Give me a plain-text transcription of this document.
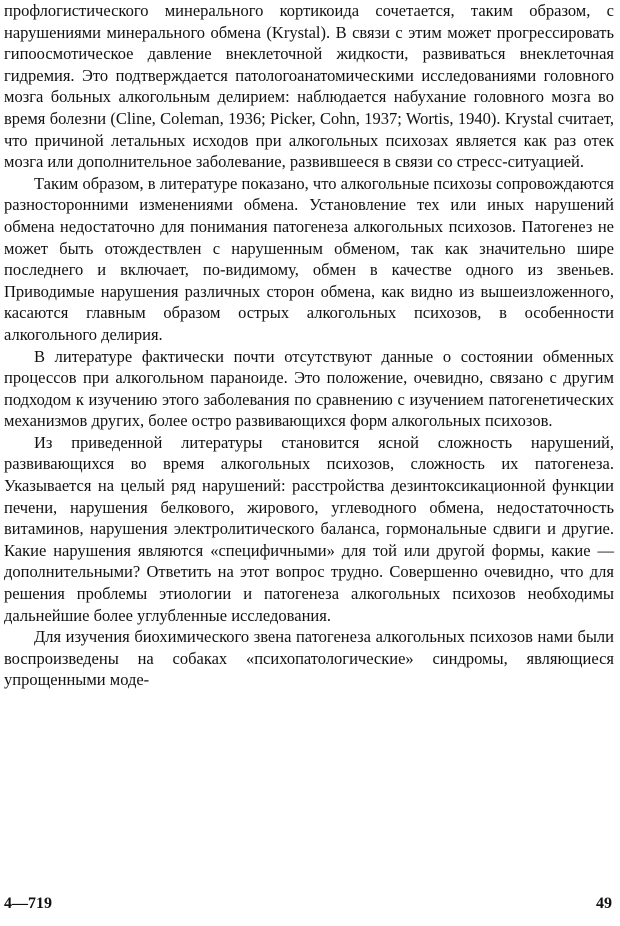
профлогистического минерального кортикоида сочетается, таким образом, с нарушениями минерального обмена (Krystal). В связи с этим может прогрессировать гипоосмотическое давление внеклеточной жидкости, развиваться внеклеточная гидремия. Это подтверждается патологоанатомическими исследованиями головного мозга больных алкогольным делирием: наблюдается набухание головного мозга во время болезни (Cline, Coleman, 1936; Picker, Cohn, 1937; Wortis, 1940). Krystal считает, что причиной летальных исходов при алкогольных психозах является как раз отек мозга или дополнительное заболевание, развившееся в связи со стресс-ситуацией.

Таким образом, в литературе показано, что алкогольные психозы сопровождаются разносторонними изменениями обмена. Установление тех или иных нарушений обмена недостаточно для понимания патогенеза алкогольных психозов. Патогенез не может быть отождествлен с нарушенным обменом, так как значительно шире последнего и включает, по-видимому, обмен в качестве одного из звеньев. Приводимые нарушения различных сторон обмена, как видно из вышеизложенного, касаются главным образом острых алкогольных психозов, в особенности алкогольного делирия.

В литературе фактически почти отсутствуют данные о состоянии обменных процессов при алкогольном параноиде. Это положение, очевидно, связано с другим подходом к изучению этого заболевания по сравнению с изучением патогенетических механизмов других, более остро развивающихся форм алкогольных психозов.

Из приведенной литературы становится ясной сложность нарушений, развивающихся во время алкогольных психозов, сложность их патогенеза. Указывается на целый ряд нарушений: расстройства дезинтоксикационной функции печени, нарушения белкового, жирового, углеводного обмена, недостаточность витаминов, нарушения электролитического баланса, гормональные сдвиги и другие. Какие нарушения являются «специфичными» для той или другой формы, какие — дополнительными? Ответить на этот вопрос трудно. Совершенно очевидно, что для решения проблемы этиологии и патогенеза алкогольных психозов необходимы дальнейшие более углубленные исследования.

Для изучения биохимического звена патогенеза алкогольных психозов нами были воспроизведены на собаках «психопатологические» синдромы, являющиеся упрощенными моде-

4—719	49
